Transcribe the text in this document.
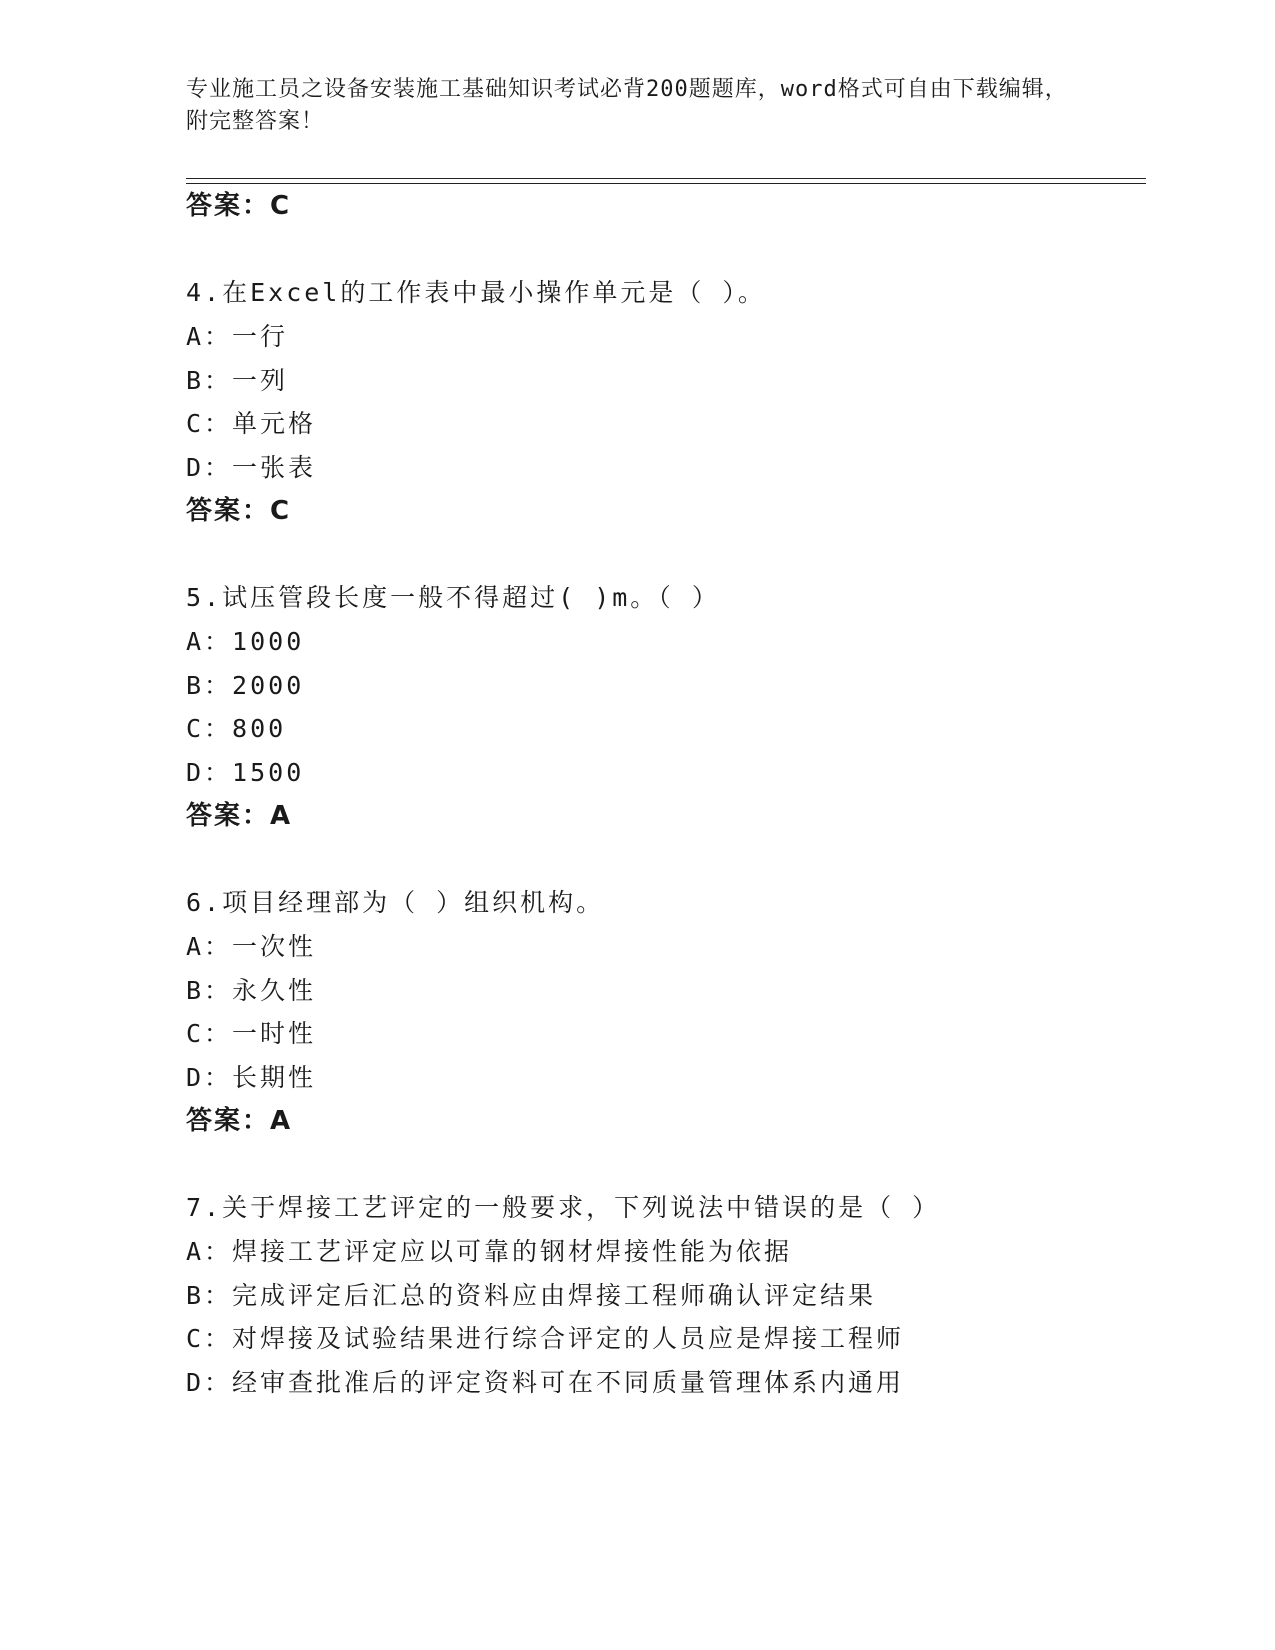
专业施工员之设备安装施工基础知识考试必背200题题库，word格式可自由下载编辑，附完整答案！
答案：C
4.在Excel的工作表中最小操作单元是（ ）。
A：一行
B：一列
C：单元格
D：一张表
答案：C
5.试压管段长度一般不得超过( )m。（ ）
A：1000
B：2000
C：800
D：1500
答案：A
6.项目经理部为（ ）组织机构。
A：一次性
B：永久性
C：一时性
D：长期性
答案：A
7.关于焊接工艺评定的一般要求，下列说法中错误的是（ ）
A：焊接工艺评定应以可靠的钢材焊接性能为依据
B：完成评定后汇总的资料应由焊接工程师确认评定结果
C：对焊接及试验结果进行综合评定的人员应是焊接工程师
D：经审查批准后的评定资料可在不同质量管理体系内通用
